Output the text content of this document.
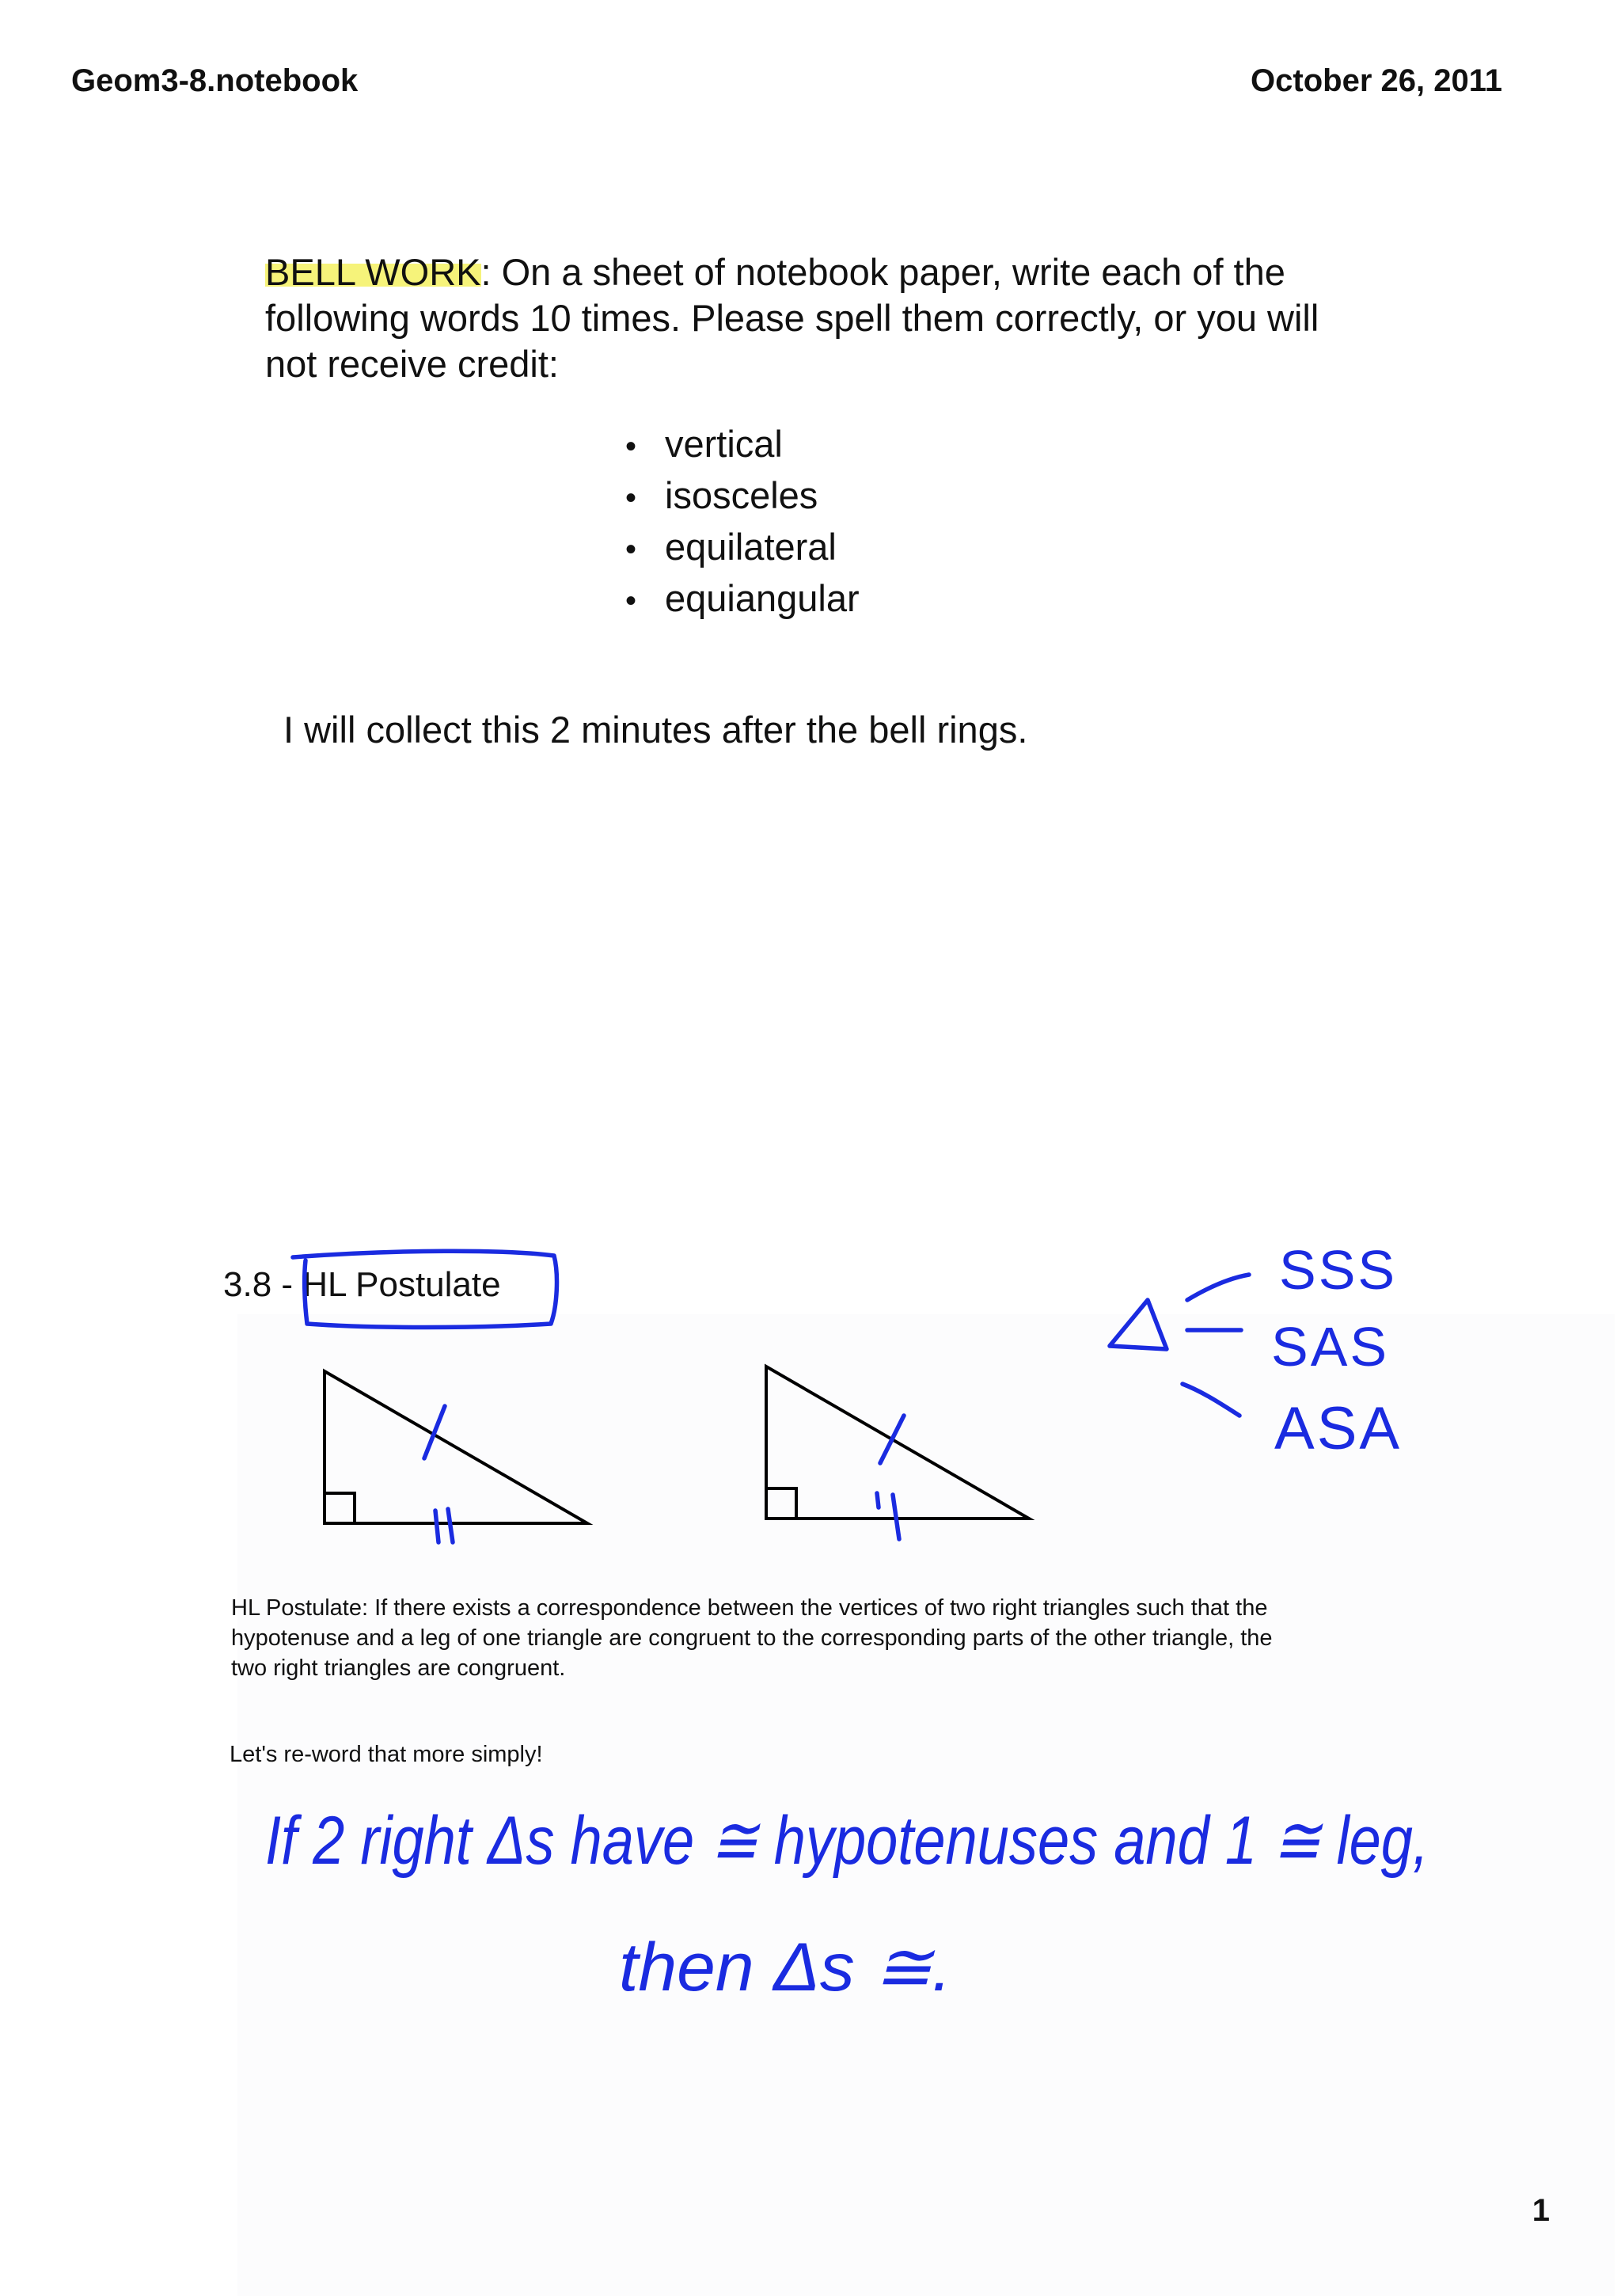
Geom3-8.notebook	October 26, 2011
BELL WORK: On a sheet of notebook paper, write each of the following words 10 times. Please spell them correctly, or you will not receive credit:
• vertical
• isosceles
• equilateral
• equiangular
I will collect this 2 minutes after the bell rings.
3.8 - HL Postulate	SSS
SAS
ASA
If 2 right Δs have ≅ hypotenuses and 1 ≅ leg,
then Δs ≅.
HL Postulate: If there exists a correspondence between the vertices of two right triangles such that the hypotenuse and a leg of one triangle are congruent to the corresponding parts of the other triangle, the two right triangles are congruent.
Let's re-word that more simply!
1
